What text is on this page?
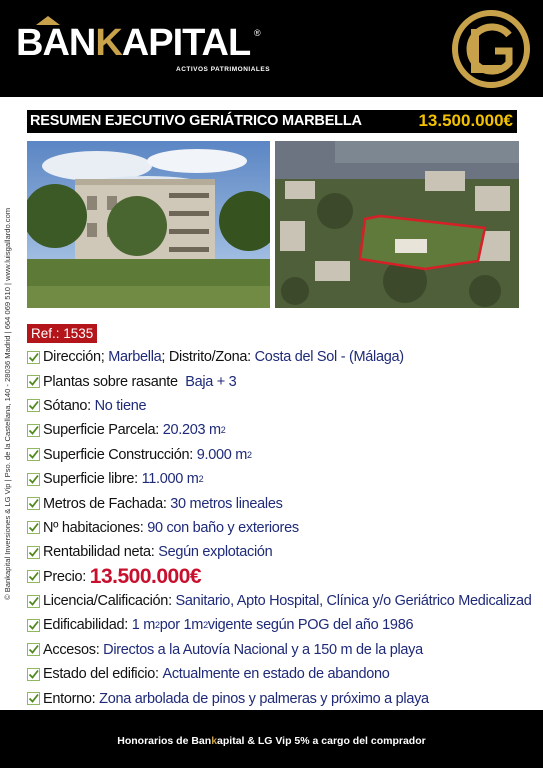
BANKAPITAL ®
ACTIVOS PATRIMONIALES
RESUMEN EJECUTIVO GERIÁTRICO MARBELLA	13.500.000€
© Bankapital Inversiones & LG Vip | Pso. de la Castellana, 140 - 28036 Madrid | 664 069 510 | www.luisgallardo.com Ref.: 1535
Dirección;
Marbella ; Distrito/Zona:
Costa del Sol - (Málaga)
Plantas sobre rasante
Baja + 3
Sótano:
No tiene
Superficie Parcela:
20.203 m 2
Superficie Construcción:
9.000 m 2
Superficie libre:
11.000 m 2
Metros de Fachada:
30 metros lineales
Nº habitaciones:
90 con baño y exteriores
Rentabilidad neta:
Según explotación
Precio:
13.500.000€
Licencia/Calificación:
Sanitario, Apto Hospital, Clínica y/o Geriátrico Medicalizad
Edificabilidad:
1 m 2 por 1m 2 vigente según POG del año 1986
Accesos:
Directos a la Autovía Nacional y a 150 m de la playa
Estado del edificio:
Actualmente en estado de abandono
Entorno:
Zona arbolada de pinos y palmeras y próximo a playa
Honorarios de Bankapital & LG Vip 5% a cargo del comprador
